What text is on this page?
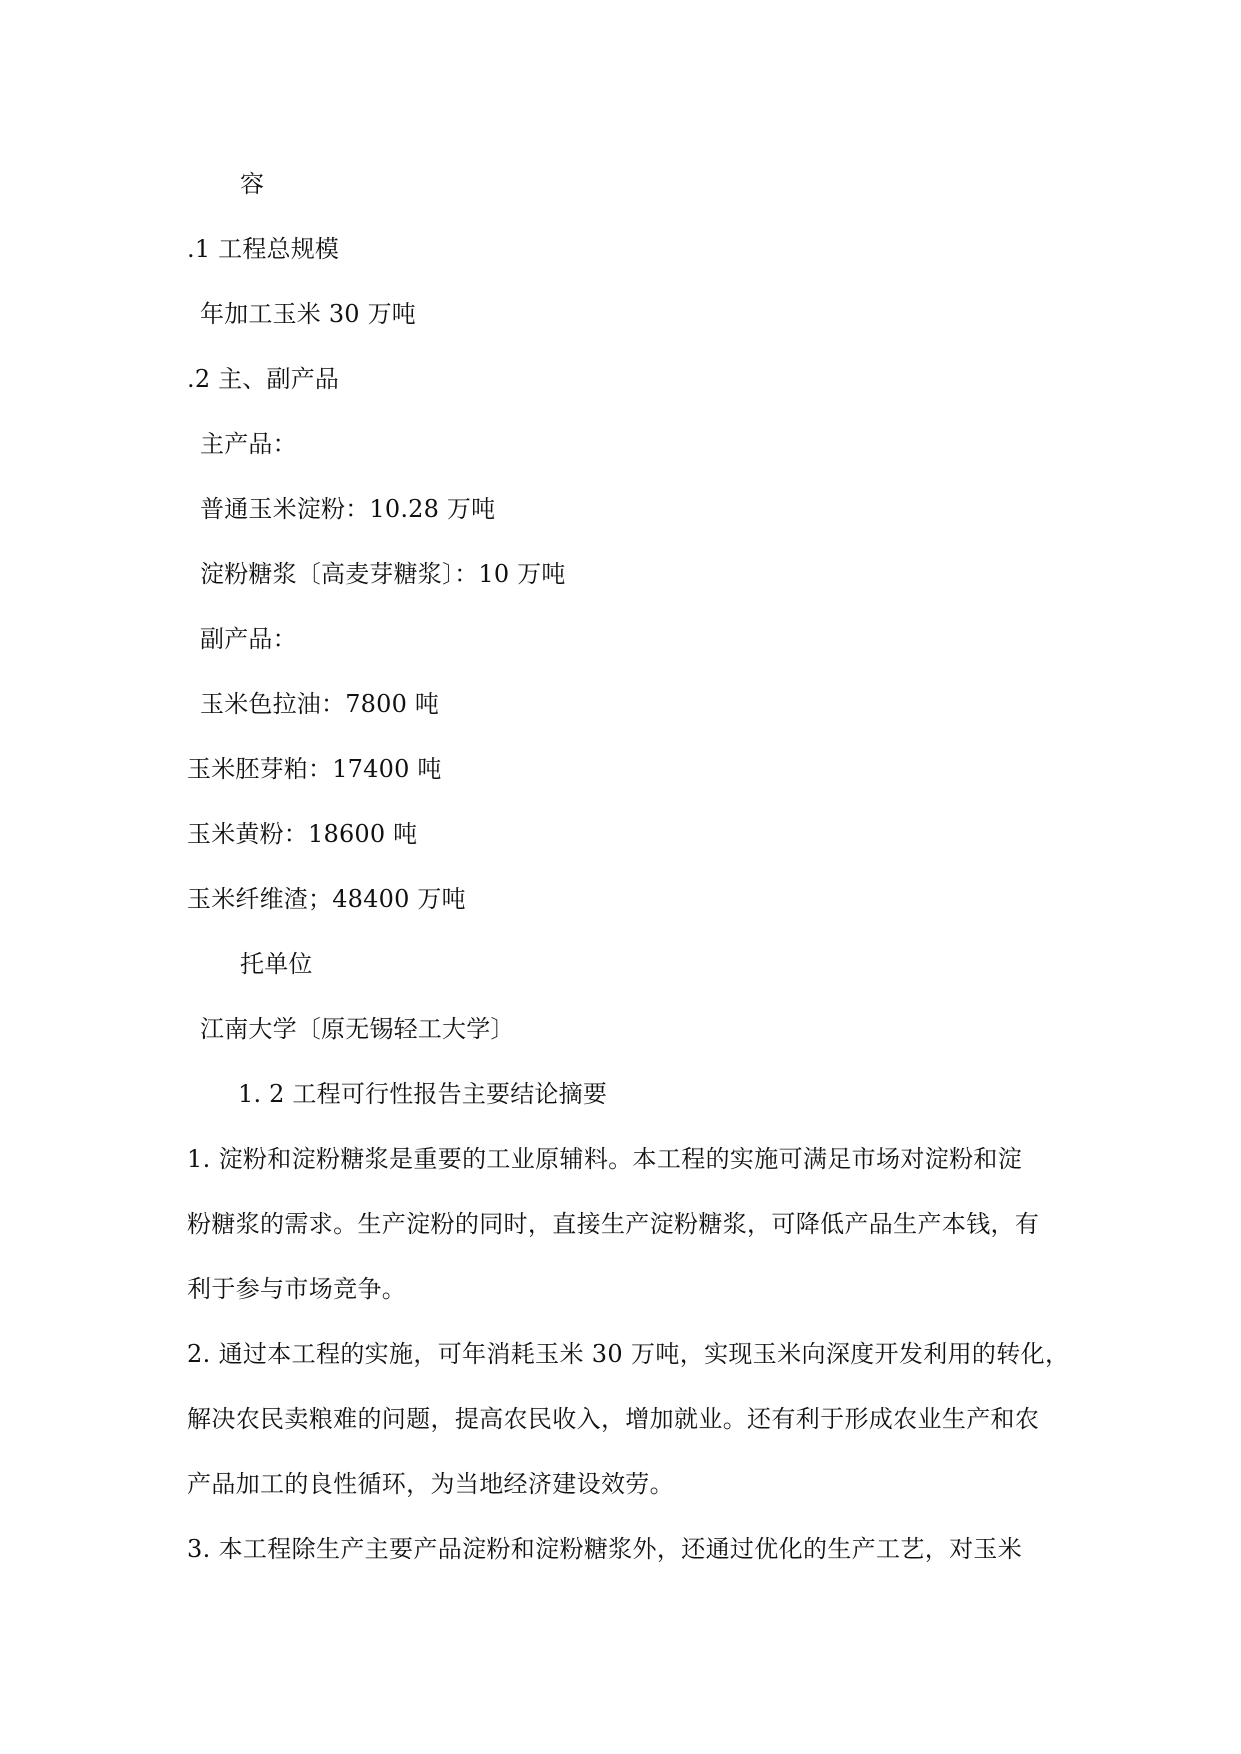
容
.1 工程总规模
年加工玉米 30 万吨
.2 主、副产品
主产品：
普通玉米淀粉：10.28 万吨
淀粉糖浆〔高麦芽糖浆〕：10 万吨
副产品：
玉米色拉油：7800 吨
玉米胚芽粕：17400 吨
玉米黄粉：18600 吨
玉米纤维渣；48400 万吨
托单位
江南大学〔原无锡轻工大学〕
1. 2 工程可行性报告主要结论摘要
1. 淀粉和淀粉糖浆是重要的工业原辅料。本工程的实施可满足市场对淀粉和淀
粉糖浆的需求。生产淀粉的同时，直接生产淀粉糖浆，可降低产品生产本钱，有
利于参与市场竞争。
2. 通过本工程的实施，可年消耗玉米 30 万吨，实现玉米向深度开发利用的转化，
解决农民卖粮难的问题，提高农民收入，增加就业。还有利于形成农业生产和农
产品加工的良性循环，为当地经济建设效劳。
3. 本工程除生产主要产品淀粉和淀粉糖浆外，还通过优化的生产工艺，对玉米
